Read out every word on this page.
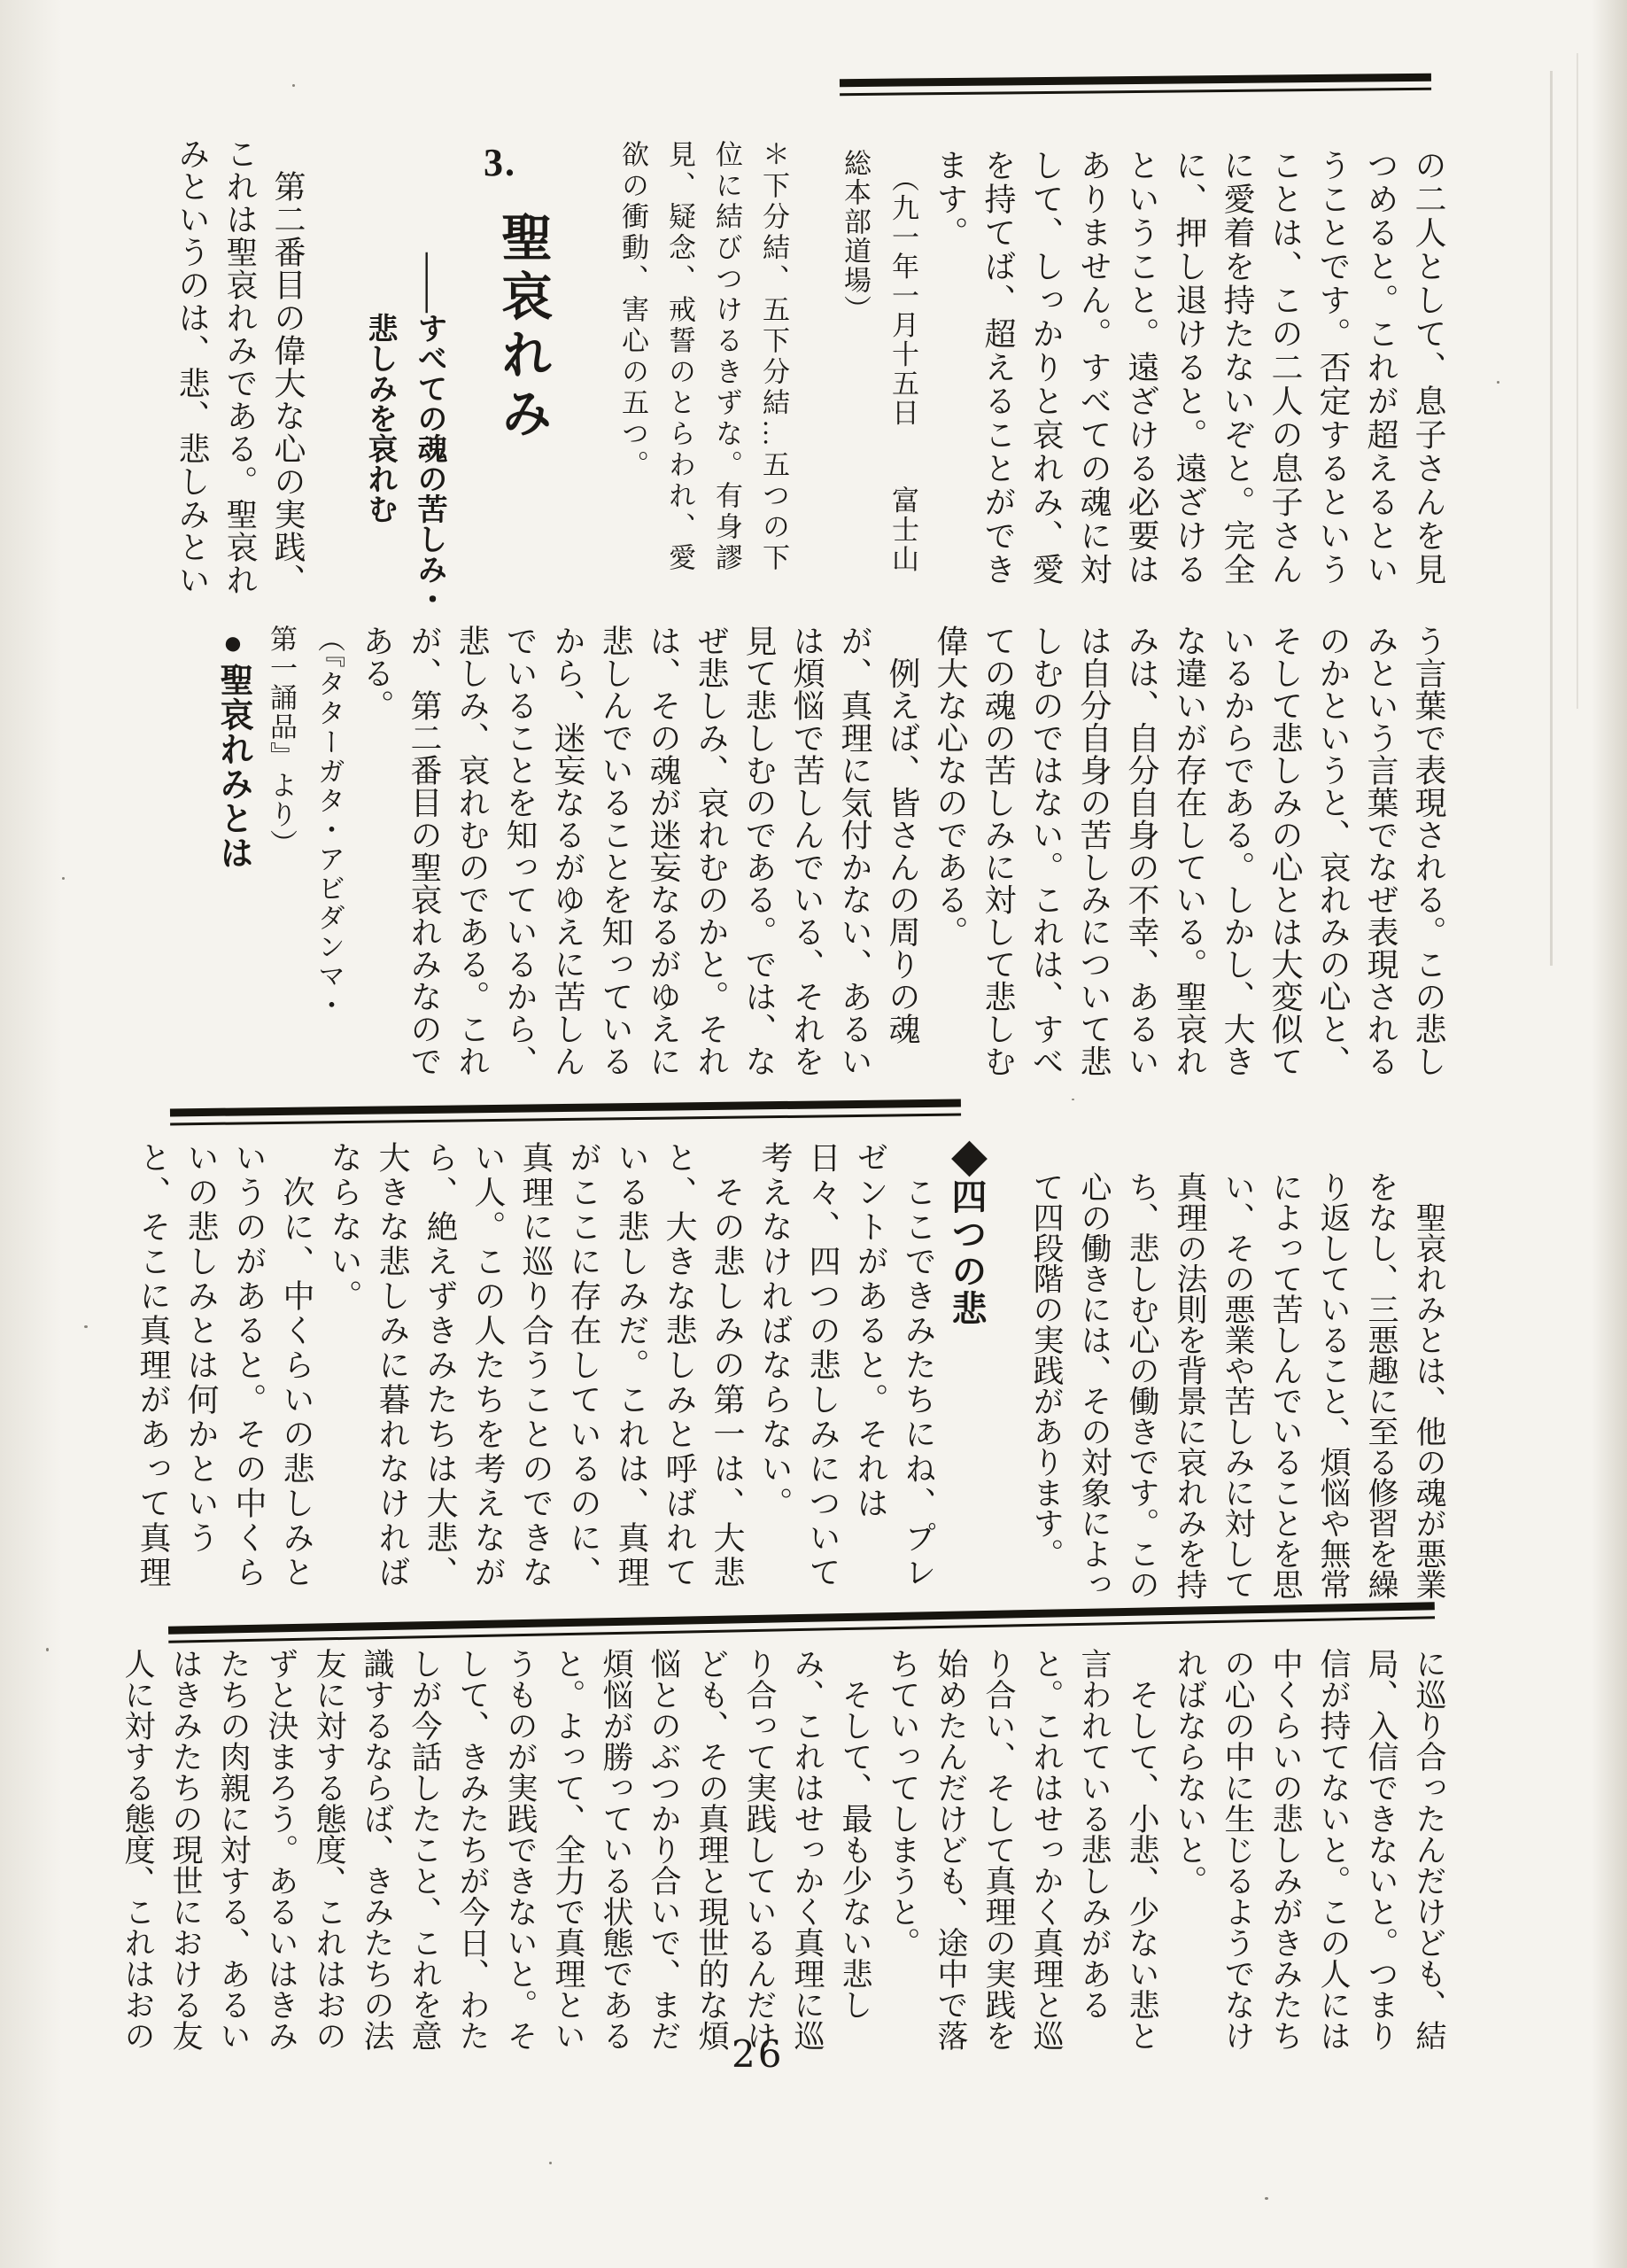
の二人として、息子さんを見
つめると。これが超えるとい
うことです。否定するという
ことは、この二人の息子さん
に愛着を持たないぞと。完全
に、押し退けると。遠ざける
ということ。遠ざける必要は
ありません。すべての魂に対
して、しっかりと哀れみ、愛
を持てば、超えることができ
ます。
　（九一年一月十五日　　富士山
総本部道場）
＊下分結、五下分結…五つの下
位に結びつけるきずな。有身謬
見、疑念、戒誓のとらわれ、愛
欲の衝動、害心の五つ。
3.
聖哀れみ
――すべての魂の苦しみ・
　　悲しみを哀れむ
　第二番目の偉大な心の実践、
これは聖哀れみである。聖哀れ
みというのは、悲、悲しみとい
う言葉で表現される。この悲し
みという言葉でなぜ表現される
のかというと、哀れみの心と、
そして悲しみの心とは大変似て
いるからである。しかし、大き
な違いが存在している。聖哀れ
みは、自分自身の不幸、あるい
は自分自身の苦しみについて悲
しむのではない。これは、すべ
ての魂の苦しみに対して悲しむ
偉大な心なのである。
　例えば、皆さんの周りの魂
が、真理に気付かない、あるい
は煩悩で苦しんでいる、それを
見て悲しむのである。では、な
ぜ悲しみ、哀れむのかと。それ
は、その魂が迷妄なるがゆえに
悲しんでいることを知っている
から、迷妄なるがゆえに苦しん
でいることを知っているから、
悲しみ、哀れむのである。これ
が、第二番目の聖哀れみなので
ある。
（『タターガタ・アビダンマ・
第一誦品』より）
●聖哀れみとは
　聖哀れみとは、他の魂が悪業
をなし、三悪趣に至る修習を繰
り返していること、煩悩や無常
によって苦しんでいることを思
い、その悪業や苦しみに対して
真理の法則を背景に哀れみを持
ち、悲しむ心の働きです。この
心の働きには、その対象によっ
て四段階の実践があります。
◆四つの悲
　ここできみたちにね、プレ
ゼントがあると。それは
日々、四つの悲しみについて
考えなければならない。
　その悲しみの第一は、大悲
と、大きな悲しみと呼ばれて
いる悲しみだ。これは、真理
がここに存在しているのに、
真理に巡り合うことのできな
い人。この人たちを考えなが
ら、絶えずきみたちは大悲、
大きな悲しみに暮れなければ
ならない。
　次に、中くらいの悲しみと
いうのがあると。その中くら
いの悲しみとは何かという
と、そこに真理があって真理
に巡り合ったんだけども、結
局、入信できないと。つまり
信が持てないと。この人には
中くらいの悲しみがきみたち
の心の中に生じるようでなけ
ればならないと。
　そして、小悲、少ない悲と
言われている悲しみがある
と。これはせっかく真理と巡
り合い、そして真理の実践を
始めたんだけども、途中で落
ちていってしまうと。
　そして、最も少ない悲し
み、これはせっかく真理に巡
り合って実践しているんだけ
ども、その真理と現世的な煩
悩とのぶつかり合いで、まだ
煩悩が勝っている状態である
と。よって、全力で真理とい
うものが実践できないと。そ
して、きみたちが今日、わた
しが今話したこと、これを意
識するならば、きみたちの法
友に対する態度、これはおの
ずと決まろう。あるいはきみ
たちの肉親に対する、あるい
はきみたちの現世における友
人に対する態度、これはおの
26
